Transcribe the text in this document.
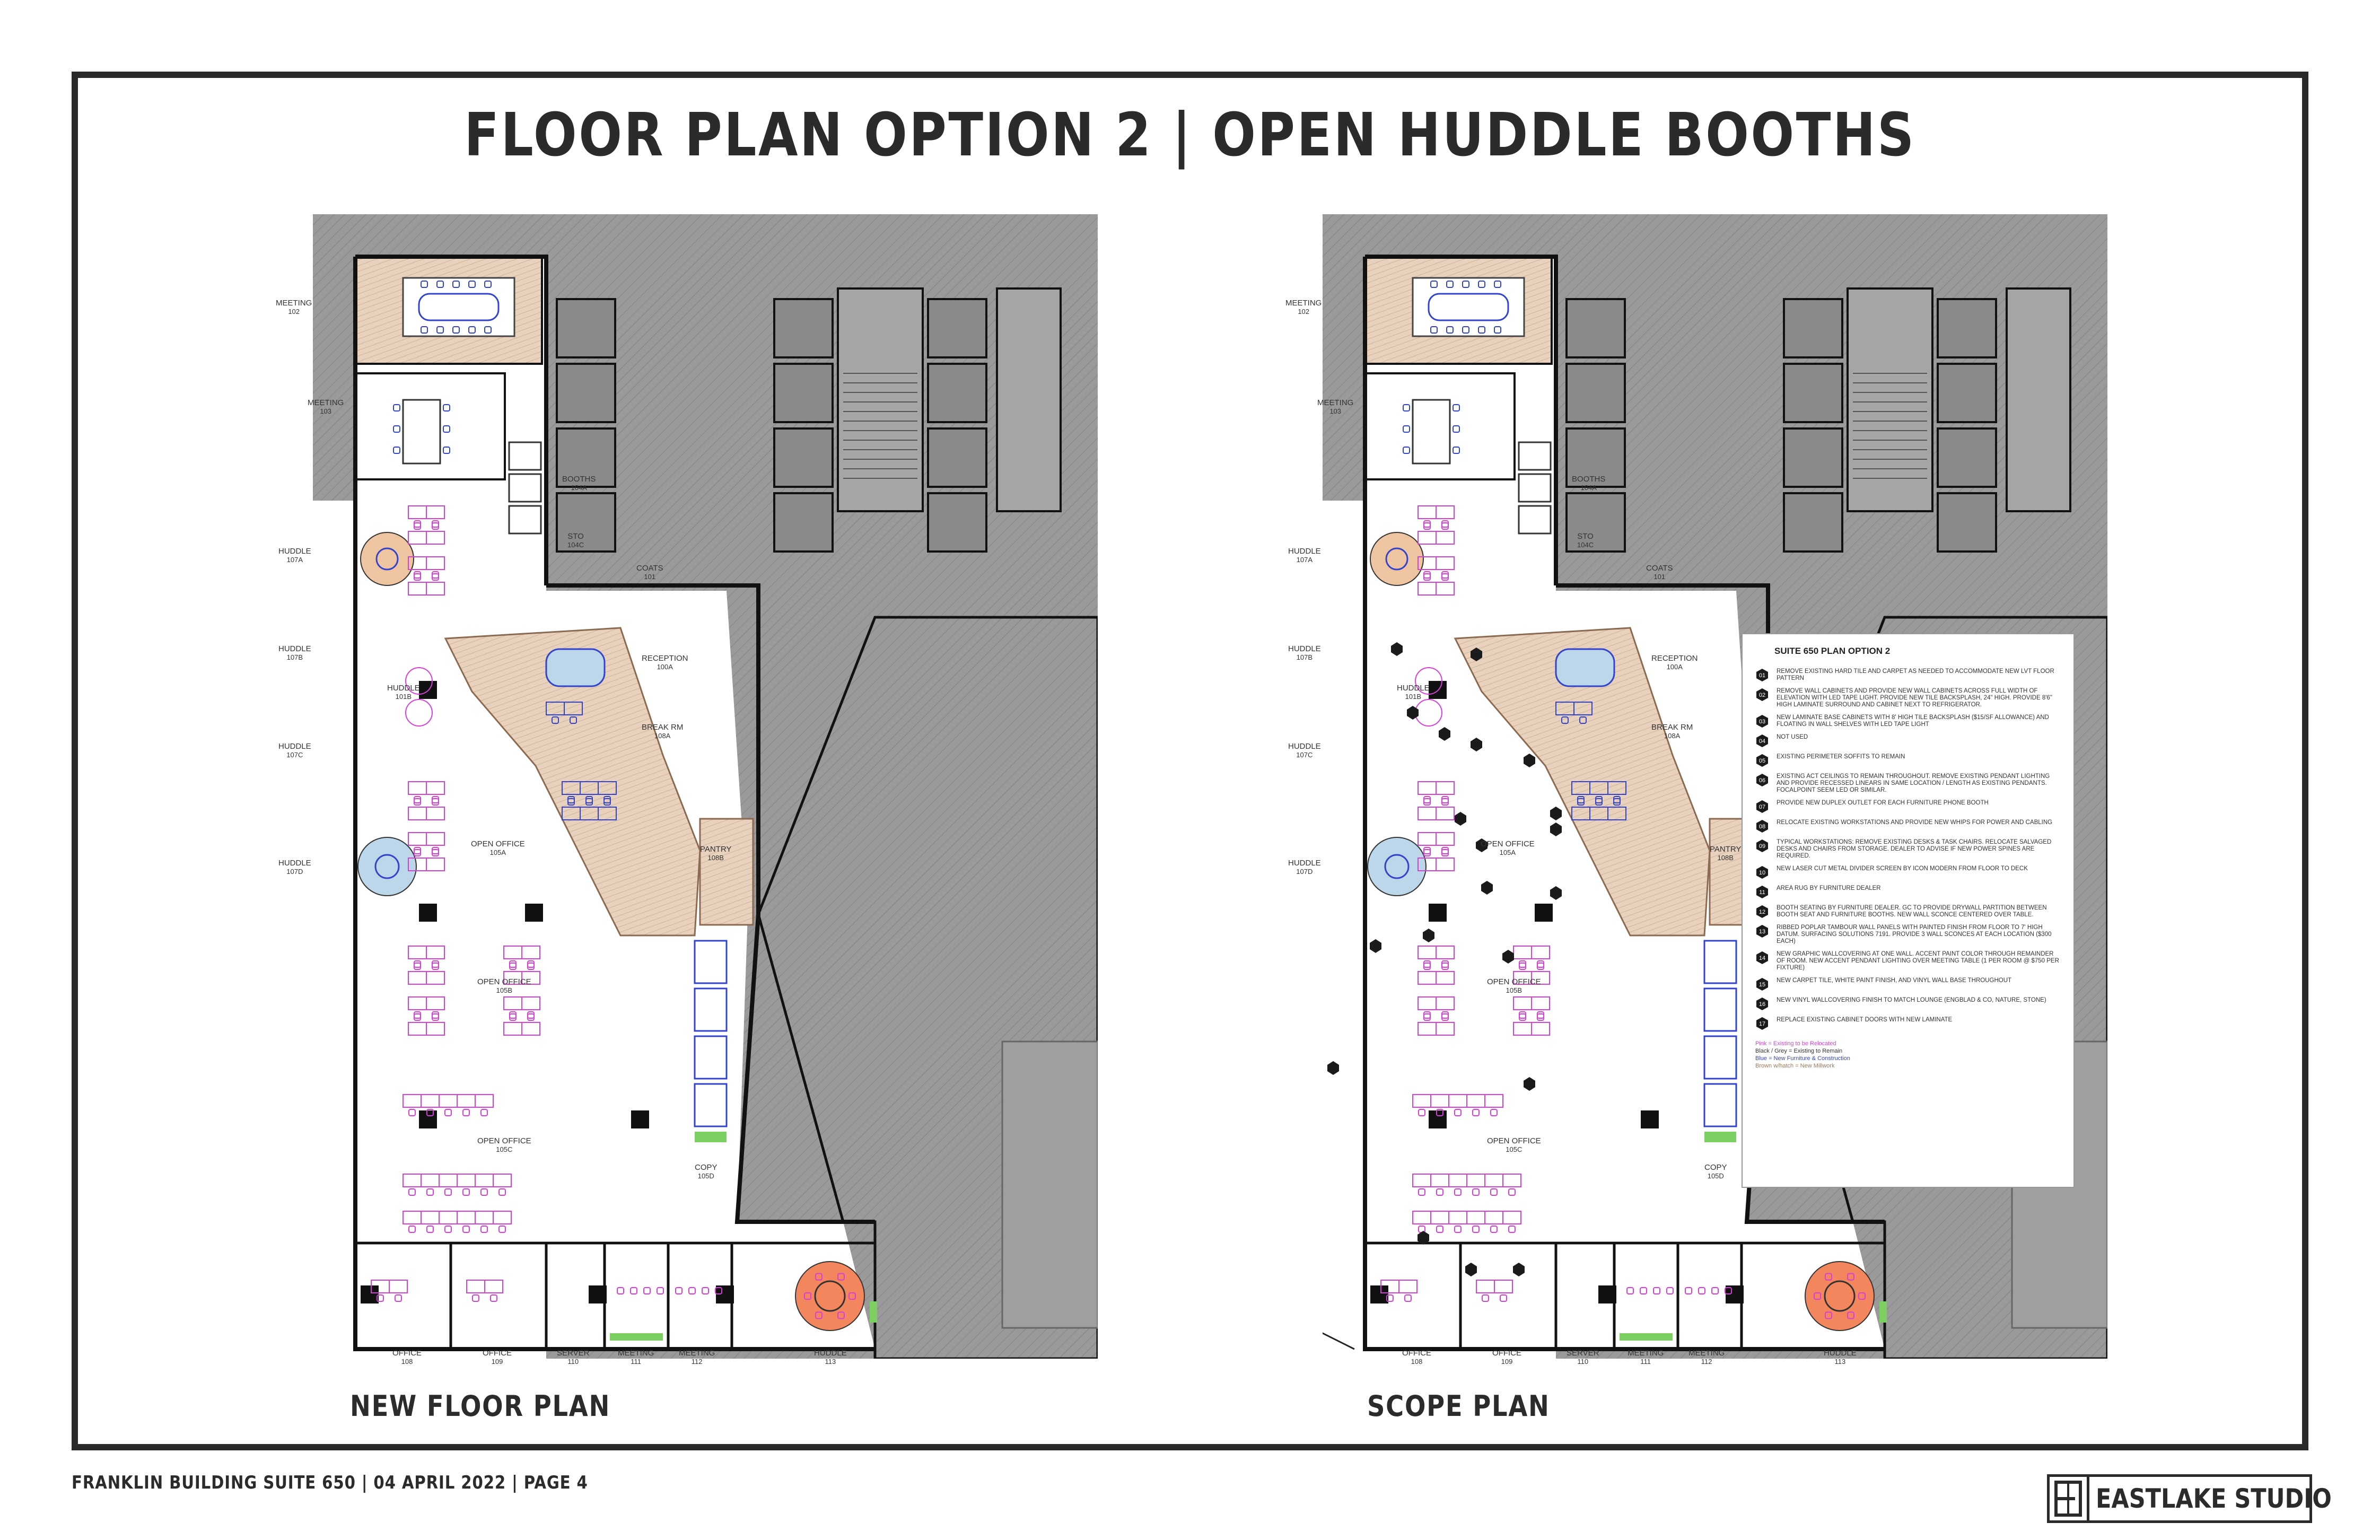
FLOOR PLAN OPTION 2 | OPEN HUDDLE BOOTHS
MEETING
102
MEETING
103
HUDDLE
107A
HUDDLE
107B
HUDDLE
107C
HUDDLE
107D
HUDDLE
101B
BOOTHS
104A
STO
104C
COATS
101
RECEPTION
100A
BREAK RM
108A
PANTRY
108B
OPEN OFFICE
105A
OPEN OFFICE
105B
OPEN OFFICE
105C
COPY
105D
OFFICE
108
OFFICE
109
SERVER
110
MEETING
111
MEETING
112
HUDDLE
113
NEW FLOOR PLAN
MEETING
102
MEETING
103
HUDDLE
107A
HUDDLE
107B
HUDDLE
107C
HUDDLE
107D
HUDDLE
101B
BOOTHS
104A
STO
104C
COATS
101
RECEPTION
100A
BREAK RM
108A
PANTRY
108B
OPEN OFFICE
105A
OPEN OFFICE
105B
OPEN OFFICE
105C
COPY
105D
OFFICE
108
OFFICE
109
SERVER
110
MEETING
111
MEETING
112
HUDDLE
113
SCOPE PLAN
SUITE 650 PLAN OPTION 2
01
REMOVE EXISTING HARD TILE AND CARPET AS NEEDED TO ACCOMMODATE NEW LVT FLOOR PATTERN
02
REMOVE WALL CABINETS AND PROVIDE NEW WALL CABINETS ACROSS FULL WIDTH OF ELEVATION WITH LED TAPE LIGHT. PROVIDE NEW TILE BACKSPLASH, 24" HIGH. PROVIDE 8'6" HIGH LAMINATE SURROUND AND CABINET NEXT TO REFRIGERATOR.
03
NEW LAMINATE BASE CABINETS WITH 8' HIGH TILE BACKSPLASH ($15/SF ALLOWANCE) AND FLOATING IN WALL SHELVES WITH LED TAPE LIGHT
04
NOT USED
05
EXISTING PERIMETER SOFFITS TO REMAIN
06
EXISTING ACT CEILINGS TO REMAIN THROUGHOUT. REMOVE EXISTING PENDANT LIGHTING AND PROVIDE RECESSED LINEARS IN SAME LOCATION / LENGTH AS EXISTING PENDANTS. FOCALPOINT SEEM LED OR SIMILAR.
07
PROVIDE NEW DUPLEX OUTLET FOR EACH FURNITURE PHONE BOOTH
08
RELOCATE EXISTING WORKSTATIONS AND PROVIDE NEW WHIPS FOR POWER AND CABLING
09
TYPICAL WORKSTATIONS: REMOVE EXISTING DESKS & TASK CHAIRS. RELOCATE SALVAGED DESKS AND CHAIRS FROM STORAGE. DEALER TO ADVISE IF NEW POWER SPINES ARE REQUIRED.
10
NEW LASER CUT METAL DIVIDER SCREEN BY ICON MODERN FROM FLOOR TO DECK
11
AREA RUG BY FURNITURE DEALER
12
BOOTH SEATING BY FURNITURE DEALER. GC TO PROVIDE DRYWALL PARTITION BETWEEN BOOTH SEAT AND FURNITURE BOOTHS. NEW WALL SCONCE CENTERED OVER TABLE.
13
RIBBED POPLAR TAMBOUR WALL PANELS WITH PAINTED FINISH FROM FLOOR TO 7' HIGH DATUM. SURFACING SOLUTIONS 7191. PROVIDE 3 WALL SCONCES AT EACH LOCATION ($300 EACH)
14
NEW GRAPHIC WALLCOVERING AT ONE WALL. ACCENT PAINT COLOR THROUGH REMAINDER OF ROOM. NEW ACCENT PENDANT LIGHTING OVER MEETING TABLE (1 PER ROOM @ $750 PER FIXTURE)
15
NEW CARPET TILE, WHITE PAINT FINISH, AND VINYL WALL BASE THROUGHOUT
16
NEW VINYL WALLCOVERING FINISH TO MATCH LOUNGE (ENGBLAD & CO, NATURE, STONE)
17
REPLACE EXISTING CABINET DOORS WITH NEW LAMINATE
Pink = Existing to be Relocated
Black / Grey = Existing to Remain
Blue = New Furniture & Construction
Brown w/hatch = New Millwork
FRANKLIN BUILDING SUITE 650 | 04 APRIL 2022 | PAGE 4
EASTLAKE STUDIO
